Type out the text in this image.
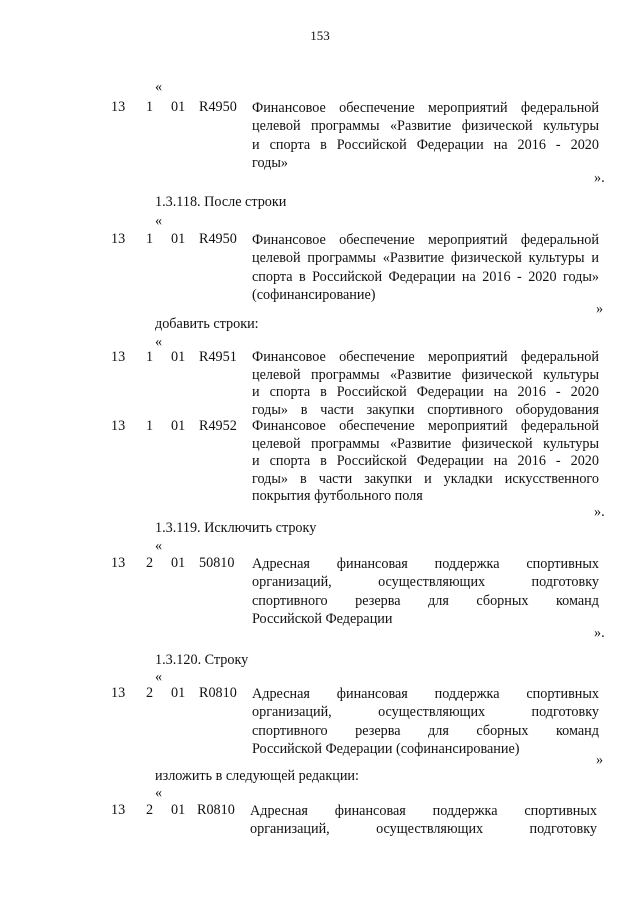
153
«
13 1 01 R4950 Финансовое обеспечение мероприятий федеральной
целевой программы «Развитие физической культуры
и спорта в Российской Федерации на 2016 - 2020
годы»
».
1.3.118. После строки
«
13 1 01 R4950 Финансовое обеспечение мероприятий федеральной
целевой программы «Развитие физической культуры и
спорта в Российской Федерации на 2016 - 2020 годы»
(софинансирование)
»
добавить строки:
«
13 1 01 R4951 Финансовое обеспечение мероприятий федеральной
целевой программы «Развитие физической культуры
и спорта в Российской Федерации на 2016 - 2020
годы» в части закупки спортивного оборудования
13 1 01 R4952 Финансовое обеспечение мероприятий федеральной
целевой программы «Развитие физической культуры
и спорта в Российской Федерации на 2016 - 2020
годы» в части закупки и укладки искусственного
покрытия футбольного поля
».
1.3.119. Исключить строку
«
13 2 01 50810 Адресная финансовая поддержка спортивных
организаций, осуществляющих подготовку
спортивного резерва для сборных команд
Российской Федерации
».
1.3.120. Строку
«
13 2 01 R0810 Адресная финансовая поддержка спортивных
организаций, осуществляющих подготовку
спортивного резерва для сборных команд
Российской Федерации (софинансирование)
»
изложить в следующей редакции:
«
13 2 01 R0810 Адресная финансовая поддержка спортивных
организаций, осуществляющих подготовку
